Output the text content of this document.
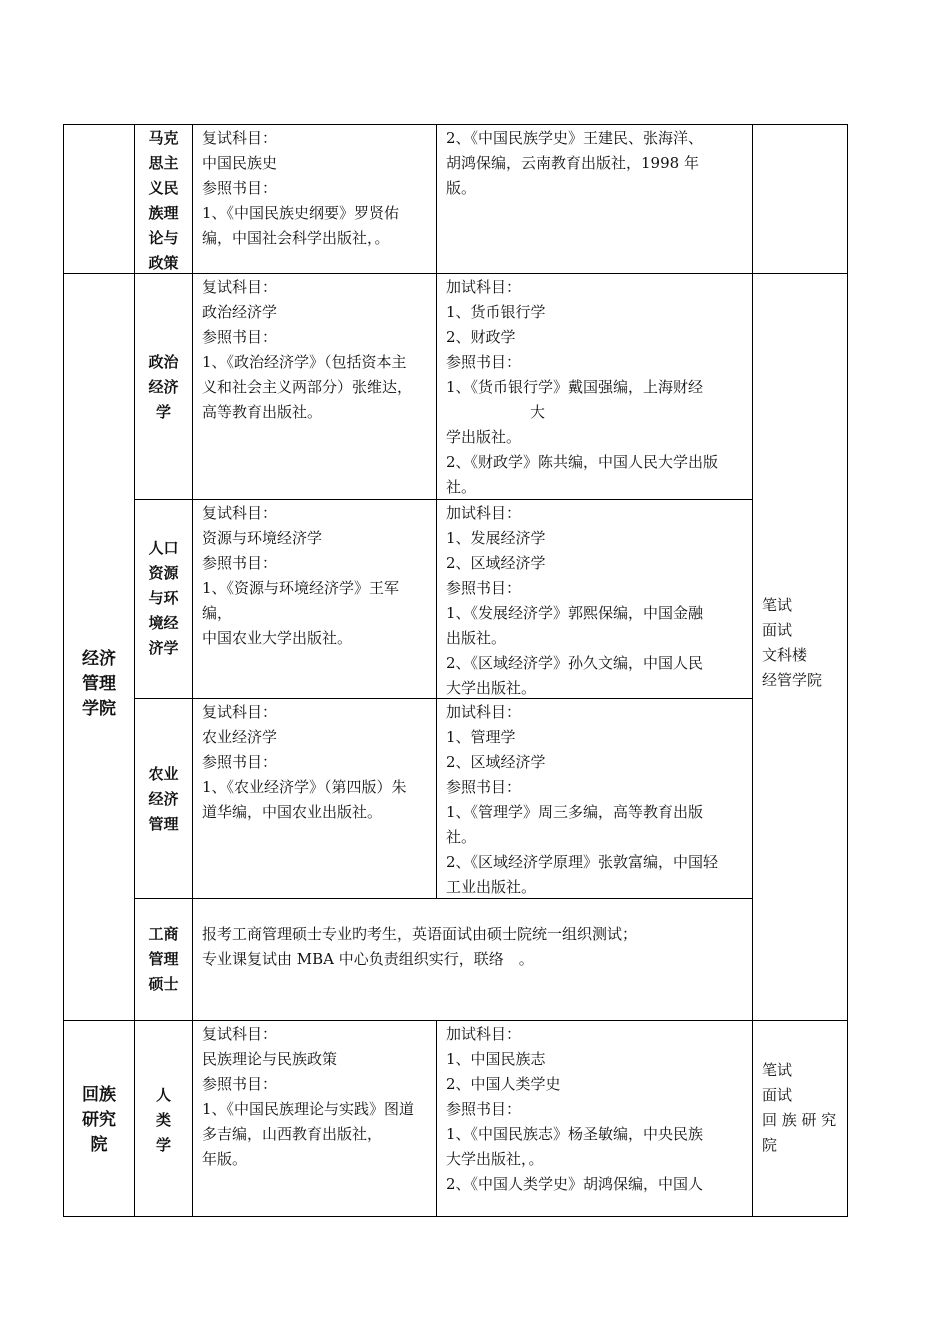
马克
思主
义民
族理
论与
政策
复试科目：
中国民族史
参照书目：
1、《中国民族史纲要》罗贤佑
编，中国社会科学出版社，。
2、《中国民族学史》王建民、张海洋、
胡鸿保编，云南教育出版社，1998 年
版。
经济
管理
学院
笔试
面试
文科楼
经管学院
政治
经济
学
复试科目：
政治经济学
参照书目：
1、《政治经济学》（包括资本主
义和社会主义两部分）张维达，
高等教育出版社。
加试科目：
1、货币银行学
2、财政学
参照书目：
1、《货币银行学》戴国强编，上海财经
大
学出版社。
2、《财政学》陈共编，中国人民大学出版
社。
人口
资源
与环
境经
济学
复试科目：
资源与环境经济学
参照书目：
1、《资源与环境经济学》王军
编，
中国农业大学出版社。
加试科目：
1、发展经济学
2、区域经济学
参照书目：
1、《发展经济学》郭熙保编，中国金融
出版社。
2、《区域经济学》孙久文编，中国人民
大学出版社。
农业
经济
管理
复试科目：
农业经济学
参照书目：
1、《农业经济学》（第四版）朱
道华编，中国农业出版社。
加试科目：
1、管理学
2、区域经济学
参照书目：
1、《管理学》周三多编，高等教育出版
社。
2、《区域经济学原理》张敦富编，中国轻
工业出版社。
工商
管理
硕士
报考工商管理硕士专业旳考生，英语面试由硕士院统一组织测试；
专业课复试由 MBA 中心负责组织实行，联络　。
回族
研究
院
人
类
学
复试科目：
民族理论与民族政策
参照书目：
1、《中国民族理论与实践》图道
多吉编，山西教育出版社，
年版。
加试科目：
1、中国民族志
2、中国人类学史
参照书目：
1、《中国民族志》杨圣敏编，中央民族
大学出版社，。
2、《中国人类学史》胡鸿保编，中国人
笔试
面试
回 族 研 究
院
